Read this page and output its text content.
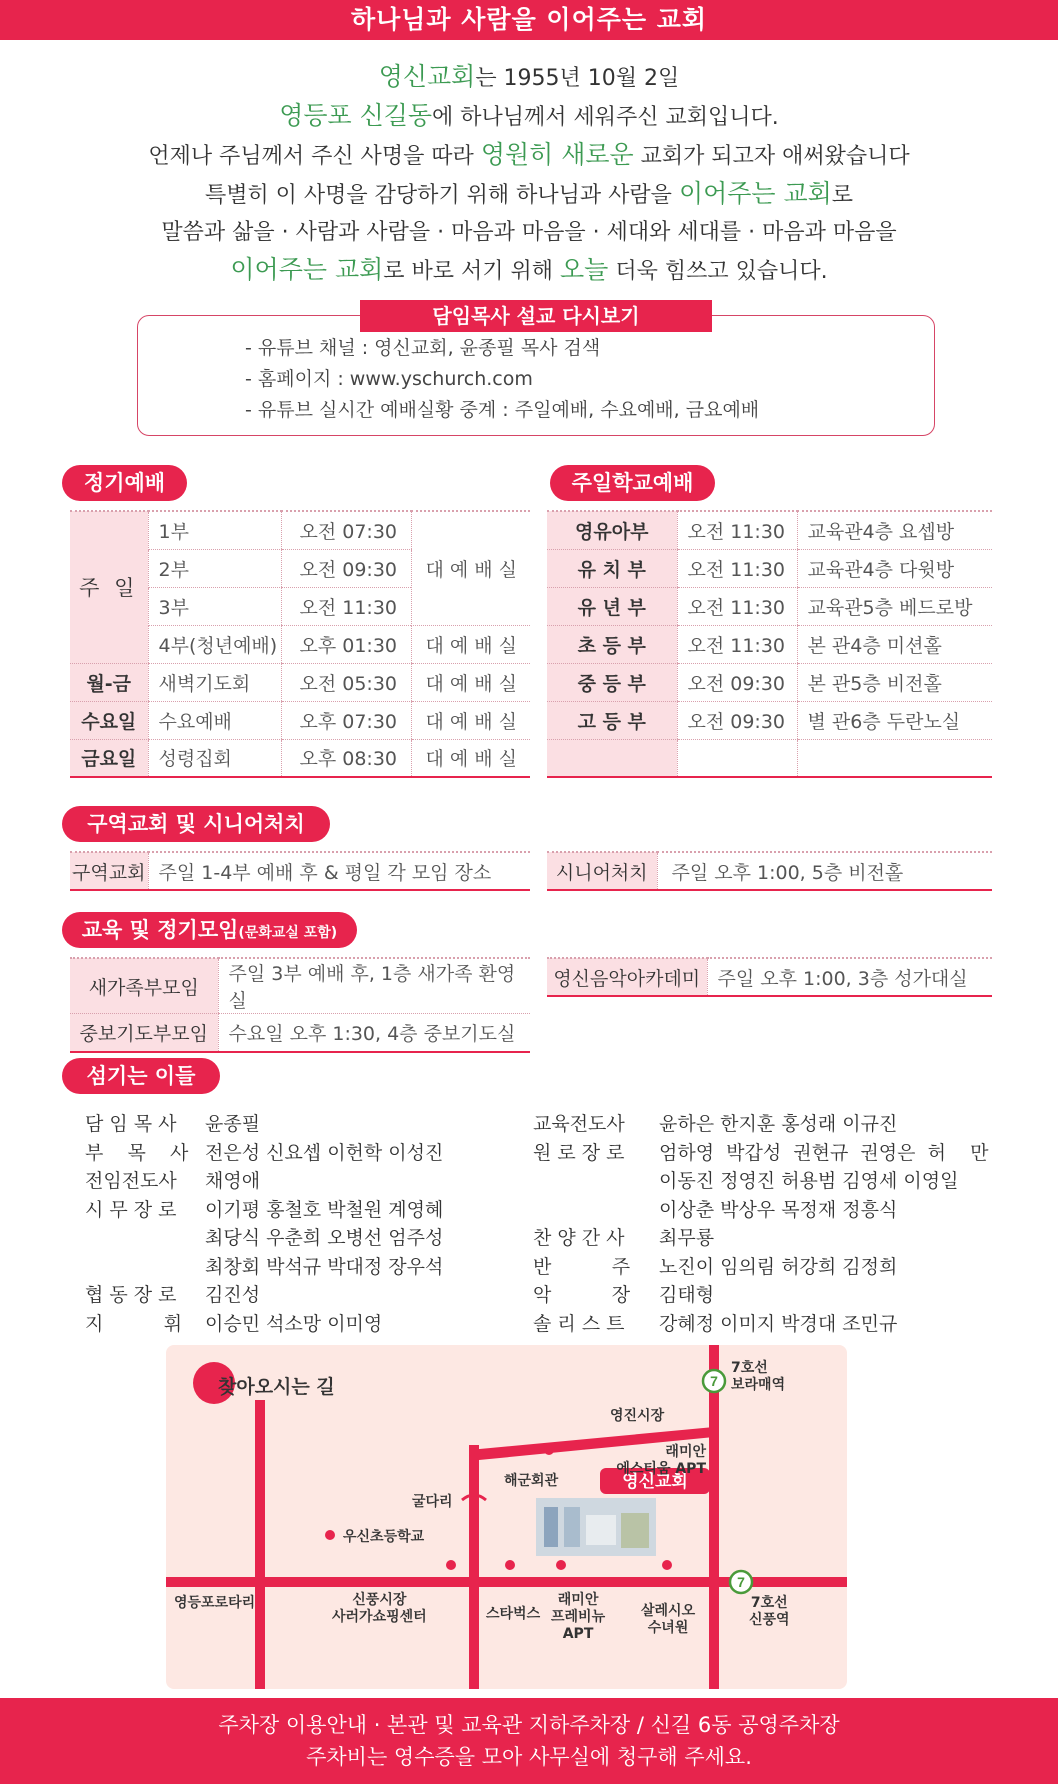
하나님과 사람을 이어주는 교회
영신교회는 1955년 10월 2일
영등포 신길동에 하나님께서 세워주신 교회입니다.
언제나 주님께서 주신 사명을 따라 영원히 새로운 교회가 되고자 애써왔습니다
특별히 이 사명을 감당하기 위해 하나님과 사람을 이어주는 교회로
말씀과 삶을 · 사람과 사람을 · 마음과 마음을 · 세대와 세대를 · 마음과 마음을
이어주는 교회로 바로 서기 위해 오늘 더욱 힘쓰고 있습니다.
담임목사 설교 다시보기
- 유튜브 채널 : 영신교회, 윤종필 목사 검색
- 홈페이지 : www.yschurch.com
- 유튜브 실시간 예배실황 중계 : 주일예배, 수요예배, 금요예배
정기예배
주 일	1부	오전 07:30	대 예 배 실
	2부	오전 09:30	
	3부	오전 11:30	
	4부(청년예배)	오후 01:30	대 예 배 실
월-금	새벽기도회	오전 05:30	대 예 배 실
수요일	수요예배	오후 07:30	대 예 배 실
금요일	성령집회	오후 08:30	대 예 배 실
주일학교예배
영유아부	오전 11:30	교육관4층 요셉방
유 치 부	오전 11:30	교육관4층 다윗방
유 년 부	오전 11:30	교육관5층 베드로방
초 등 부	오전 11:30	본 관4층 미션홀
중 등 부	오전 09:30	본 관5층 비전홀
고 등 부	오전 09:30	별 관6층 두란노실

구역교회 및 시니어처치
구역교회	주일 1-4부 예배 후 & 평일 각 모임 장소	시니어처치	주일 오후 1:00, 5층 비전홀
교육 및 정기모임(문화교실 포함)
새가족부모임	주일 3부 예배 후, 1층 새가족 환영실
중보기도부모임	수요일 오후 1:30, 4층 중보기도실
영신음악아카데미	주일 오후 1:00, 3층 성가대실
섬기는 이들
담 임 목 사 윤종필
부    목    사 전은성 신요셉 이헌학 이성진
전임전도사 채영애
시 무 장 로 이기평 홍철호 박철원 계영혜
최당식 우춘희 오병선 엄주성
최창회 박석규 박대정 장우석
협 동 장 로 김진성
지          휘 이승민 석소망 이미영
교육전도사 윤하은 한지훈 홍성래 이규진
원 로 장 로 엄하영  박갑성  권현규  권영은  허    만
이동진 정영진 허용범 김영세 이영일
이상춘 박상우 목정재 정흥식
찬 양 간 사 최무룡
반          주 노진이 임의림 허강희 김정희
악          장 김태형
솔 리 스 트 강혜정 이미지 박경대 조민규
7
7
영신교회
찾아오시는 길
7호선
보라매역
영진시장
래미안
에스티움 APT
해군회관
굴다리
우신초등학교
영등포로타리	신풍시장
사러가쇼핑센터	스타벅스
래미안
프레비뉴
APT
살레시오
수녀원
7호선
신풍역
주차장 이용안내 · 본관 및 교육관 지하주차장 / 신길 6동 공영주차장
주차비는 영수증을 모아 사무실에 청구해 주세요.
